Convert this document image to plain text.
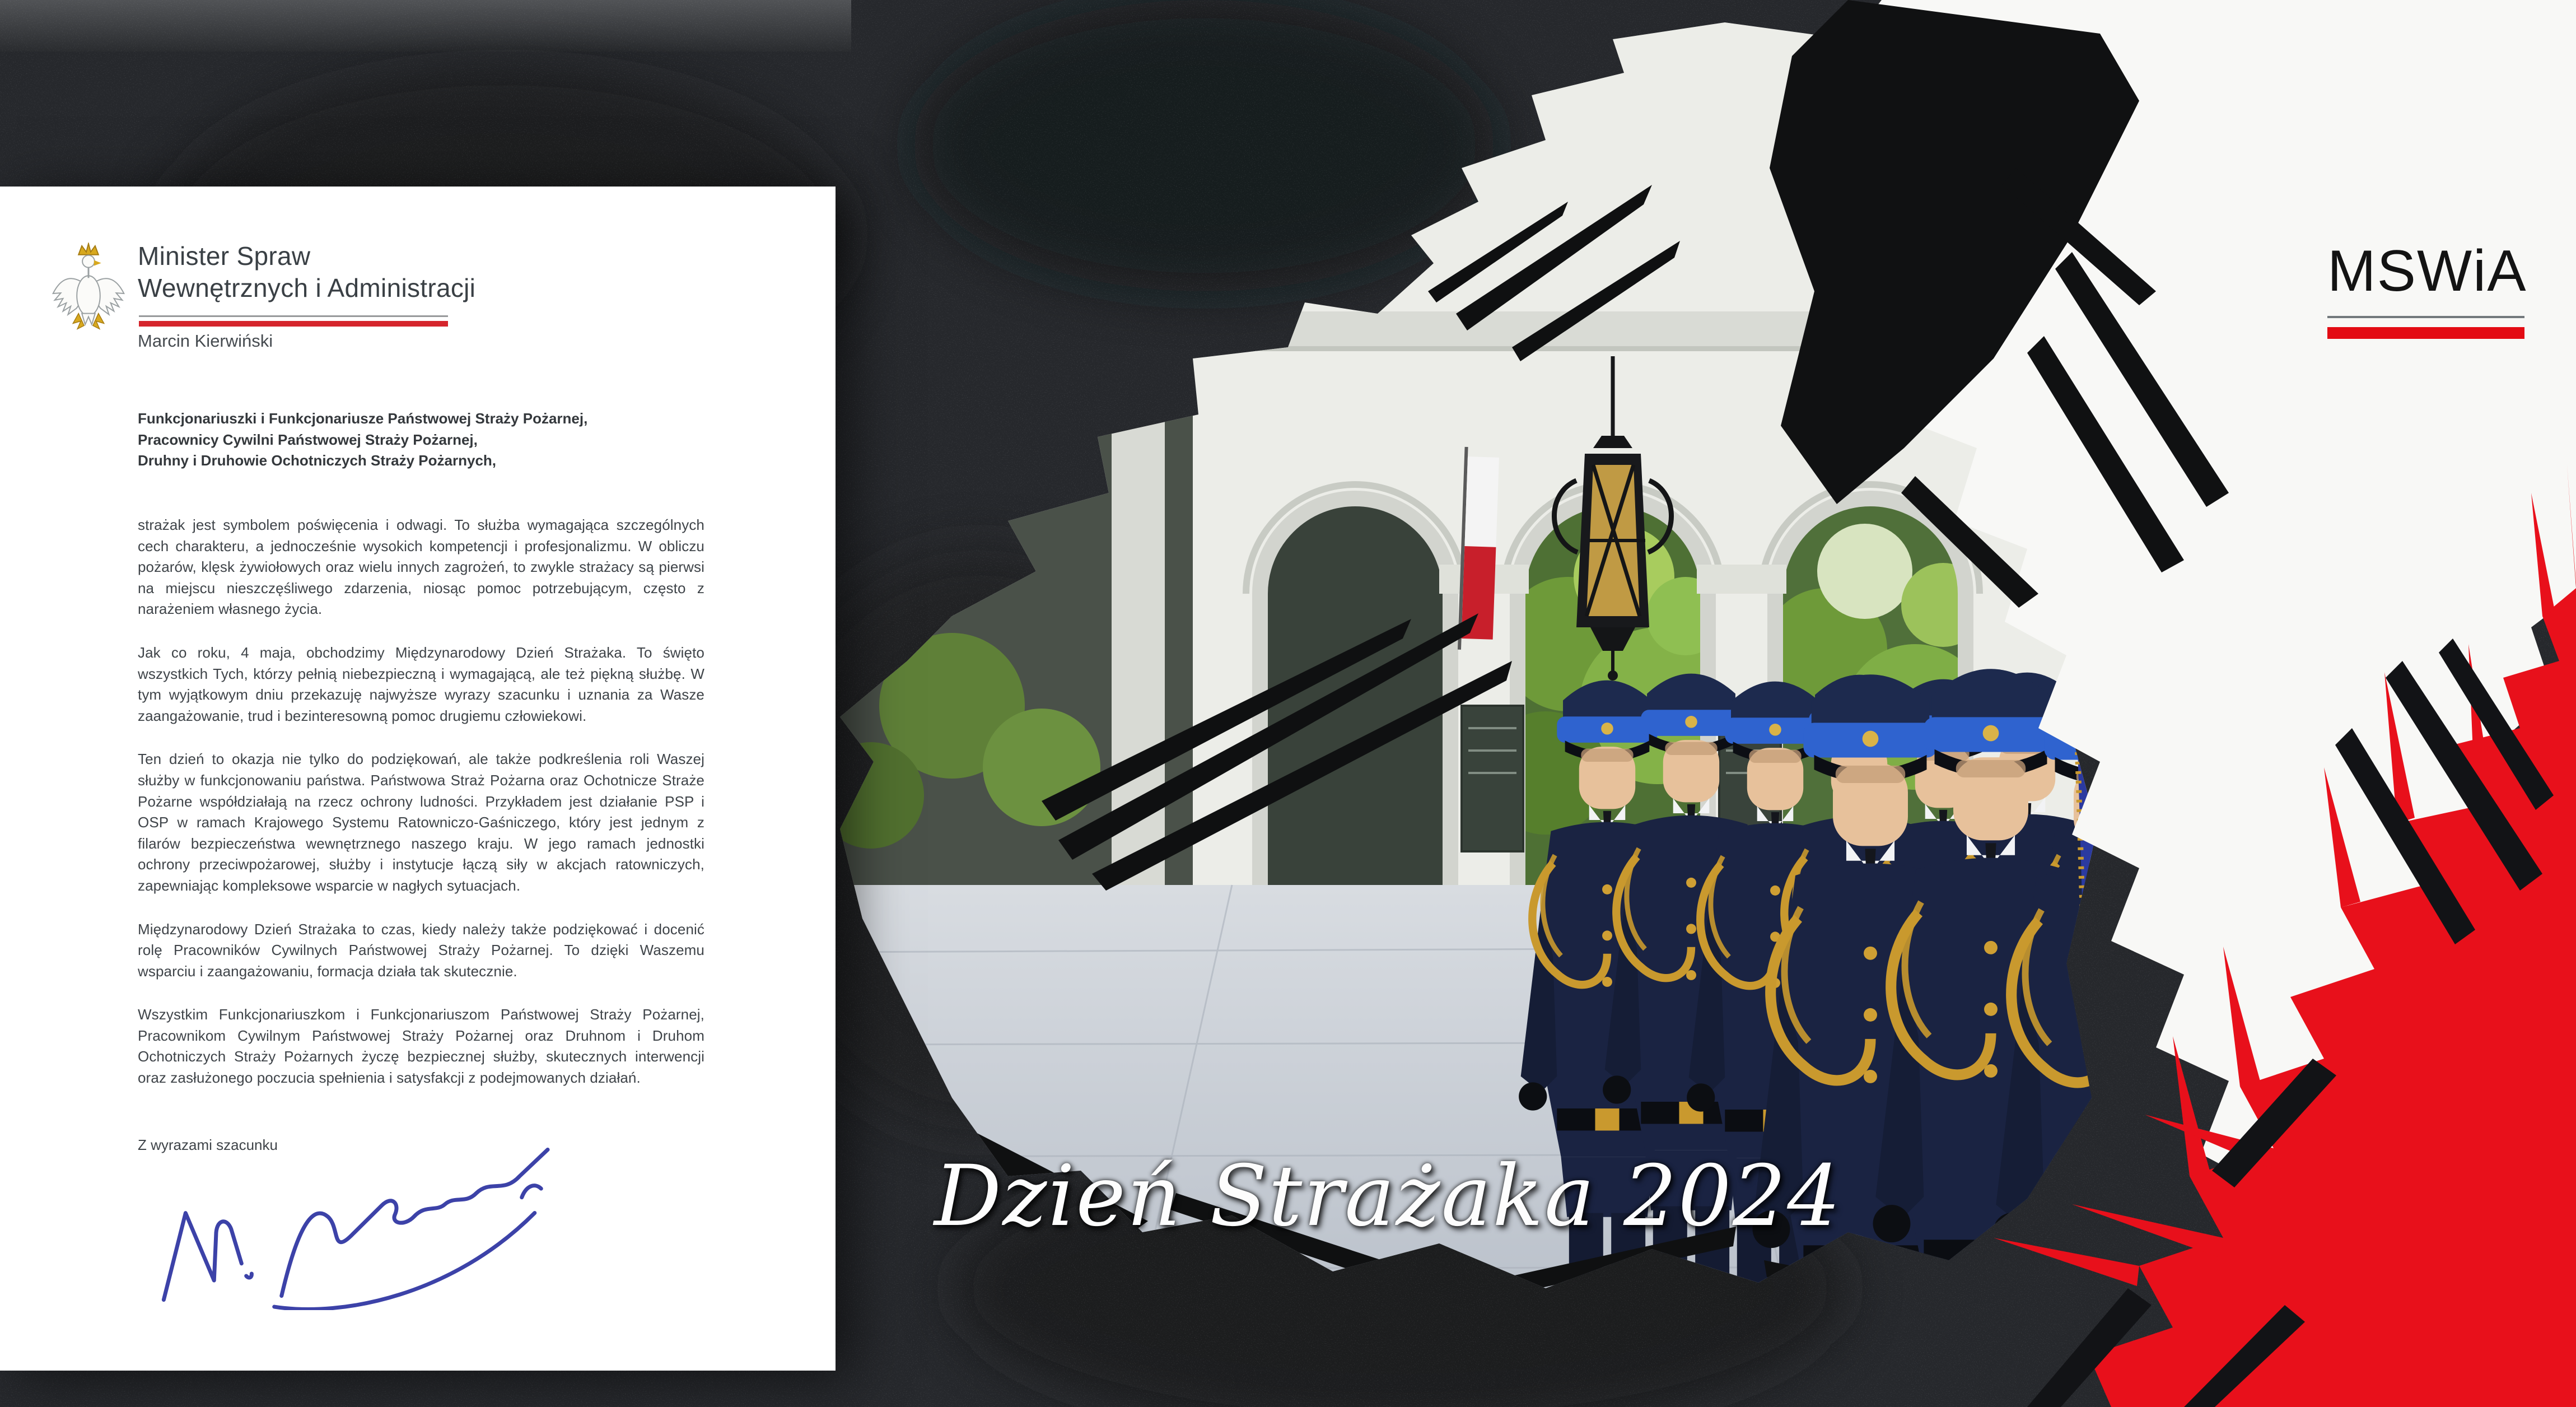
MSWiA
Dzień Strażaka 2024
Minister Spraw
Wewnętrznych i Administracji
Marcin Kierwiński
Funkcjonariuszki i Funkcjonariusze Państwowej Straży Pożarnej,
Pracownicy Cywilni Państwowej Straży Pożarnej,
Druhny i Druhowie Ochotniczych Straży Pożarnych,

strażak jest symbolem poświęcenia i odwagi. To służba wymagająca szczególnych cech charakteru, a jednocześnie wysokich kompetencji i profesjonalizmu. W obliczu pożarów, klęsk żywiołowych oraz wielu innych zagrożeń, to zwykle strażacy są pierwsi na miejscu nieszczęśliwego zdarzenia, niosąc pomoc potrzebującym, często z narażeniem własnego życia.

Jak co roku, 4 maja, obchodzimy Międzynarodowy Dzień Strażaka. To święto wszystkich Tych, którzy pełnią niebezpieczną i wymagającą, ale też piękną służbę. W tym wyjątkowym dniu przekazuję najwyższe wyrazy szacunku i uznania za Wasze zaangażowanie, trud i bezinteresowną pomoc drugiemu człowiekowi.

Ten dzień to okazja nie tylko do podziękowań, ale także podkreślenia roli Waszej służby w funkcjonowaniu państwa. Państwowa Straż Pożarna oraz Ochotnicze Straże Pożarne współdziałają na rzecz ochrony ludności. Przykładem jest działanie PSP i OSP w ramach Krajowego Systemu Ratowniczo-Gaśniczego, który jest jednym z filarów bezpieczeństwa wewnętrznego naszego kraju. W jego ramach jednostki ochrony przeciwpożarowej, służby i instytucje łączą siły w akcjach ratowniczych, zapewniając kompleksowe wsparcie w nagłych sytuacjach.

Międzynarodowy Dzień Strażaka to czas, kiedy należy także podziękować i docenić rolę Pracowników Cywilnych Państwowej Straży Pożarnej. To dzięki Waszemu wsparciu i zaangażowaniu, formacja działa tak skutecznie.

Wszystkim Funkcjonariuszkom i Funkcjonariuszom Państwowej Straży Pożarnej, Pracownikom Cywilnym Państwowej Straży Pożarnej oraz Druhnom i Druhom Ochotniczych Straży Pożarnych życzę bezpiecznej służby, skutecznych interwencji oraz zasłużonego poczucia spełnienia i satysfakcji z podejmowanych działań.

Z wyrazami szacunku
